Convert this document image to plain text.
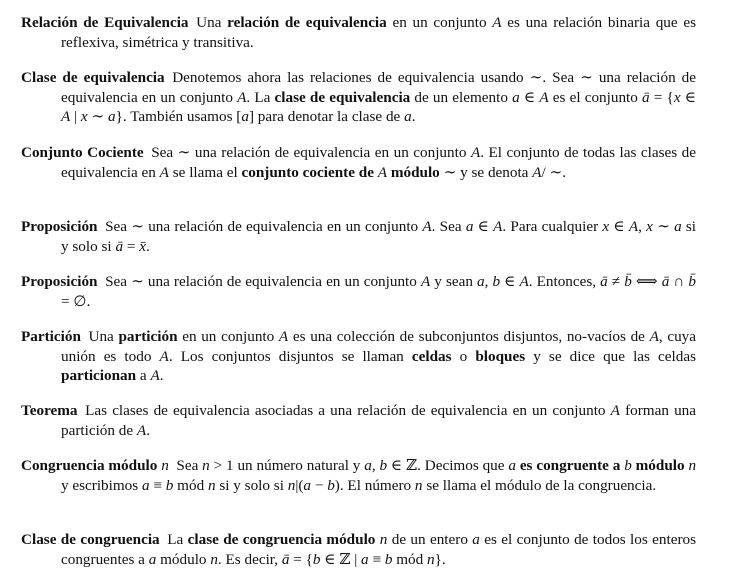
Relación de Equivalencia  Una relación de equivalencia en un conjunto A es una relación binaria que es reflexiva, simétrica y transitiva.
Clase de equivalencia  Denotemos ahora las relaciones de equivalencia usando ∼. Sea ∼ una relación de equivalencia en un conjunto A. La clase de equivalencia de un elemento a ∈ A es el conjunto ā = {x ∈ A | x ∼ a}. También usamos [a] para denotar la clase de a.
Conjunto Cociente  Sea ∼ una relación de equivalencia en un conjunto A. El conjunto de todas las clases de equivalencia en A se llama el conjunto cociente de A módulo ∼ y se denota A/ ∼.
Proposición  Sea ∼ una relación de equivalencia en un conjunto A. Sea a ∈ A. Para cualquier x ∈ A, x ∼ a si y solo si ā = x̄.
Proposición  Sea ∼ una relación de equivalencia en un conjunto A y sean a, b ∈ A. Entonces, ā ≠ b̄ ⟺ ā ∩ b̄ = ∅.
Partición  Una partición en un conjunto A es una colección de subconjuntos disjuntos, no-vacíos de A, cuya unión es todo A. Los conjuntos disjuntos se llaman celdas o bloques y se dice que las celdas particionan a A.
Teorema  Las clases de equivalencia asociadas a una relación de equivalencia en un conjunto A forman una partición de A.
Congruencia módulo n  Sea n > 1 un número natural y a, b ∈ ℤ. Decimos que a es congruente a b módulo n y escribimos a ≡ b mód n si y solo si n|(a − b). El número n se llama el módulo de la congruencia.
Clase de congruencia  La clase de congruencia módulo n de un entero a es el conjunto de todos los enteros congruentes a a módulo n. Es decir, ā = {b ∈ ℤ | a ≡ b mód n}.
